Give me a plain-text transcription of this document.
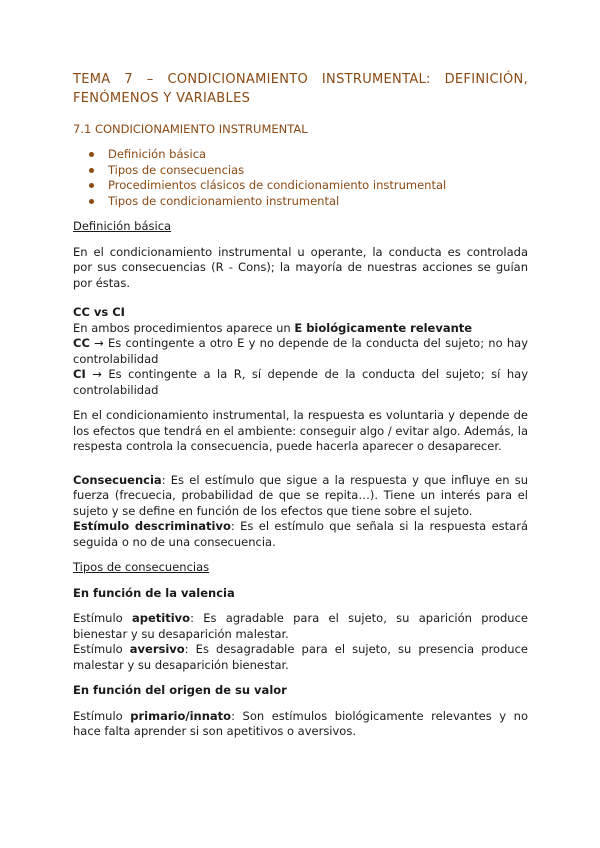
TEMA 7 – CONDICIONAMIENTO INSTRUMENTAL: DEFINICIÓN,
FENÓMENOS Y VARIABLES
7.1 CONDICIONAMIENTO INSTRUMENTAL
Definición básica
Tipos de consecuencias
Procedimientos clásicos de condicionamiento instrumental
Tipos de condicionamiento instrumental

Definición básica

En el condicionamiento instrumental u operante, la conducta es controlada por sus consecuencias (R - Cons); la mayoría de nuestras acciones se guían por éstas.

CC vs CI

En ambos procedimientos aparece un E biológicamente relevante

CC → Es contingente a otro E y no depende de la conducta del sujeto; no hay controlabilidad

CI → Es contingente a la R, sí depende de la conducta del sujeto; sí hay controlabilidad

En el condicionamiento instrumental, la respuesta es voluntaria y depende de los efectos que tendrá en el ambiente: conseguir algo / evitar algo. Además, la respesta controla la consecuencia, puede hacerla aparecer o desaparecer.

Consecuencia: Es el estímulo que sigue a la respuesta y que influye en su fuerza (frecuecia, probabilidad de que se repita…). Tiene un interés para el sujeto y se define en función de los efectos que tiene sobre el sujeto.

Estímulo descriminativo: Es el estímulo que señala si la respuesta estará seguida o no de una consecuencia.

Tipos de consecuencias

En función de la valencia

Estímulo apetitivo: Es agradable para el sujeto, su aparición produce bienestar y su desaparición malestar.

Estímulo aversivo: Es desagradable para el sujeto, su presencia produce malestar y su desaparición bienestar.

En función del origen de su valor

Estímulo primario/innato: Son estímulos biológicamente relevantes y no hace falta aprender si son apetitivos o aversivos.
